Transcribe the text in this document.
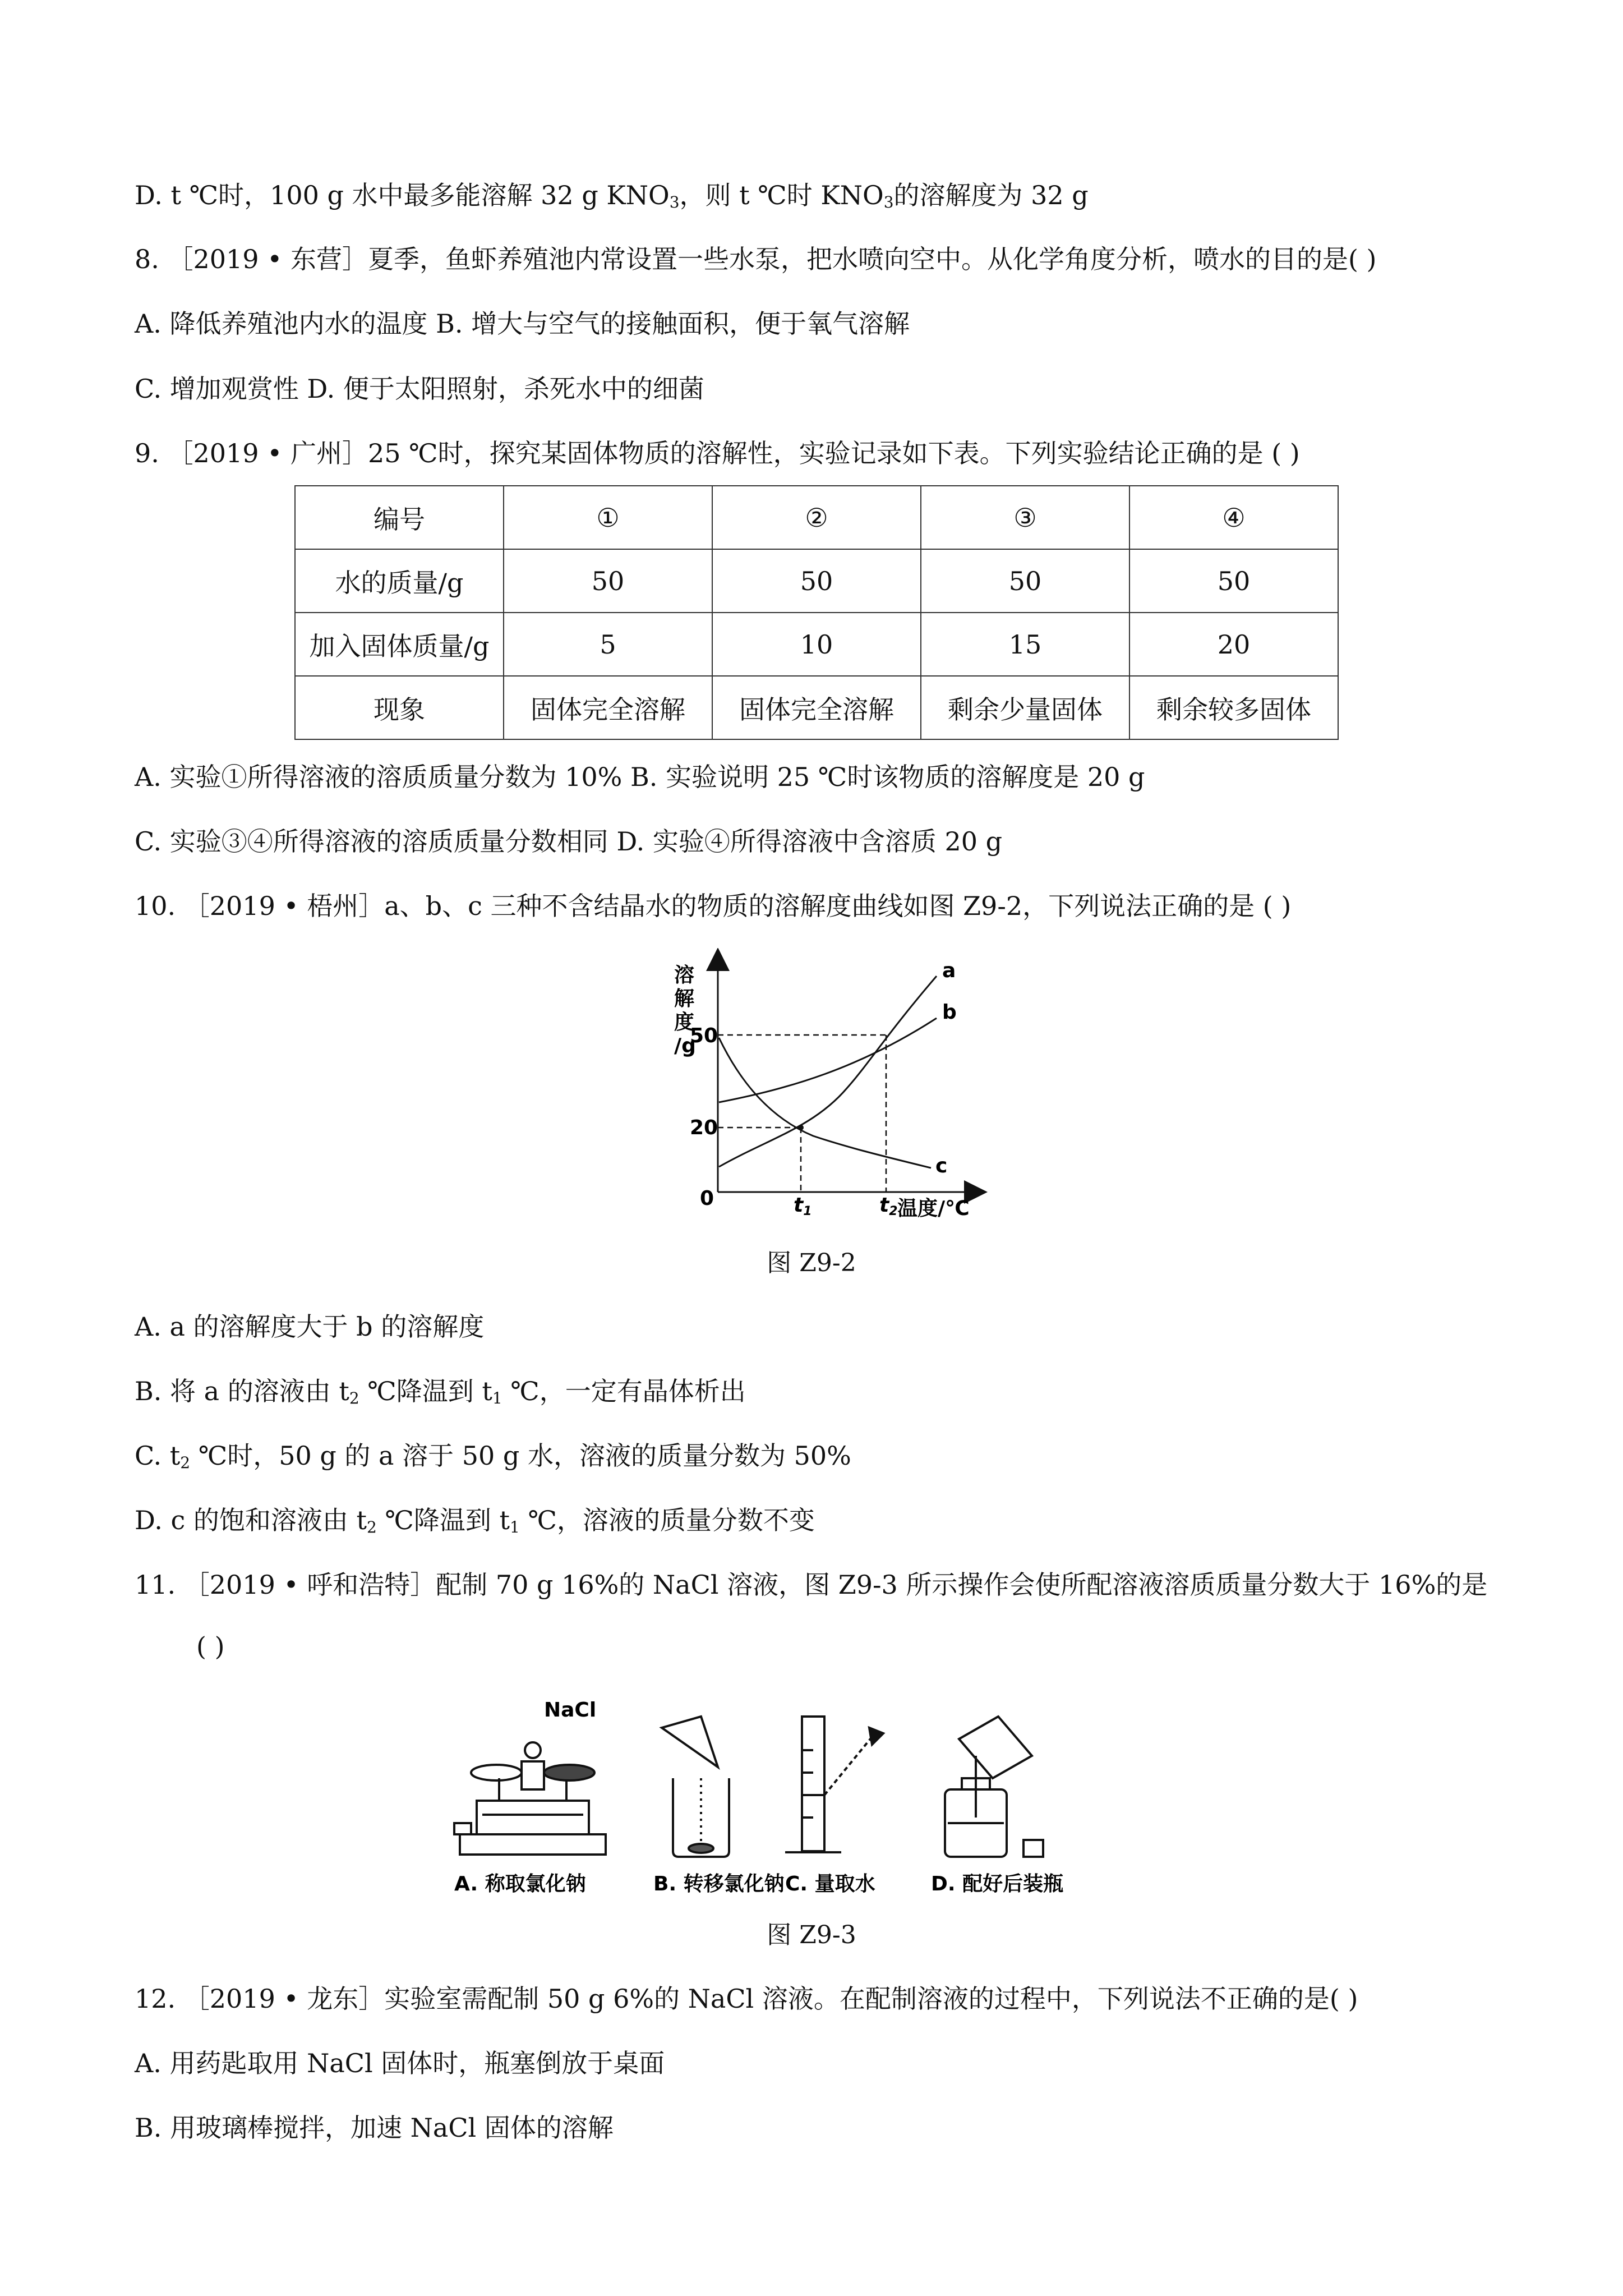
D. t ℃时，100 g 水中最多能溶解 32 g $KNO_3$，则 t ℃时 $KNO_3$的溶解度为 32 g
8. ［2019 • 东营］夏季，鱼虾养殖池内常设置一些水泵，把水喷向空中。从化学角度分析，喷水的目的是( )
A. 降低养殖池内水的温度 B. 增大与空气的接触面积，便于氧气溶解
C. 增加观赏性 D. 便于太阳照射，杀死水中的细菌
9. ［2019 • 广州］25 ℃时，探究某固体物质的溶解性，实验记录如下表。下列实验结论正确的是 ( )
编号	①	②	③	④
水的质量/g	50	50	50	50
加入固体质量/g	5	10	15	20
现象	固体完全溶解	固体完全溶解	剩余少量固体	剩余较多固体
A. 实验①所得溶液的溶质质量分数为 10% B. 实验说明 25 ℃时该物质的溶解度是 20 g
C. 实验③④所得溶液的溶质质量分数相同 D. 实验④所得溶液中含溶质 20 g
10. ［2019 • 梧州］a、b、c 三种不含结晶水的物质的溶解度曲线如图 Z9-2，下列说法正确的是 ( )
溶
解
度
/g
50
20
0
a
b
c
t1	t2 温度/℃
图 Z9-2
A. a 的溶解度大于 b 的溶解度
B. 将 a 的溶液由 $t_2$ ℃降温到 $t_1$ ℃，一定有晶体析出
C. $t_2$ ℃时，50 g 的 a 溶于 50 g 水，溶液的质量分数为 50%
D. c 的饱和溶液由 $t_2$ ℃降温到 $t_1$ ℃，溶液的质量分数不变
11. ［2019 • 呼和浩特］配制 70 g 16%的 NaCl 溶液，图 Z9-3 所示操作会使所配溶液溶质质量分数大于 16%的是
( )
NaCl
A. 称取氯化钠	B. 转移氯化钠 C. 量取水	D. 配好后装瓶
图 Z9-3
12. ［2019 • 龙东］实验室需配制 50 g 6%的 NaCl 溶液。在配制溶液的过程中，下列说法不正确的是( )
A. 用药匙取用 NaCl 固体时，瓶塞倒放于桌面
B. 用玻璃棒搅拌，加速 NaCl 固体的溶解
